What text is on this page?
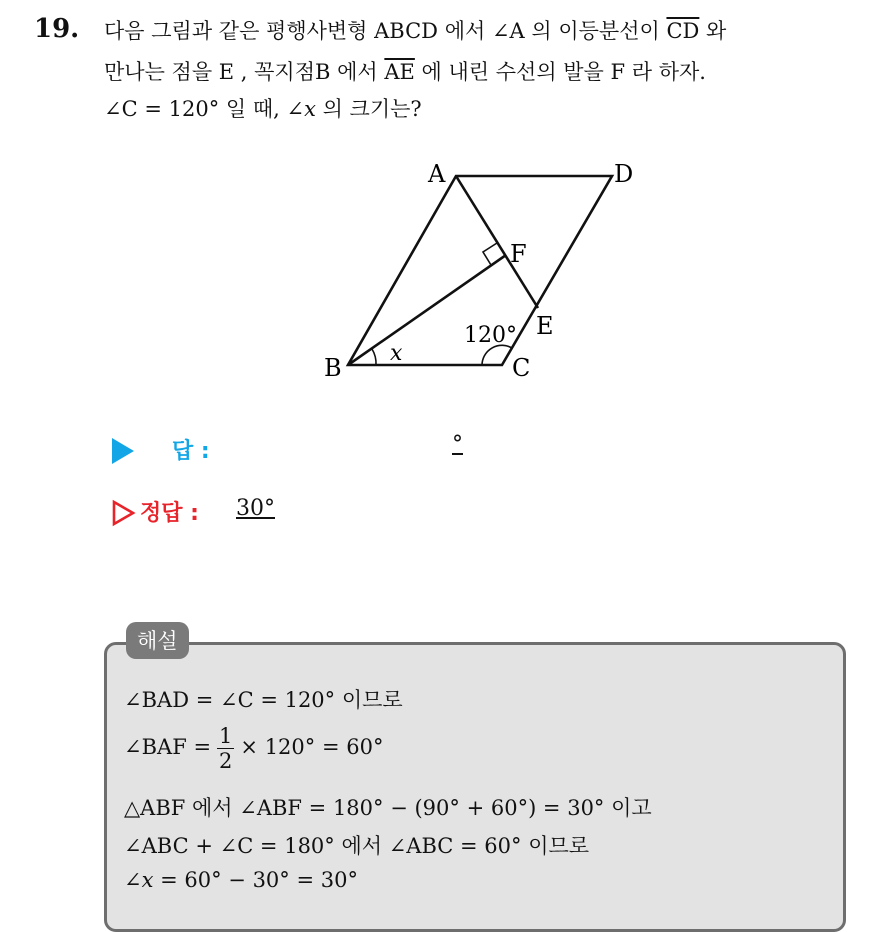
19. 다음 그림과 같은 평행사변형 ABCD 에서 ∠A 의 이등분선이 $\overline{CD}$ 와
만나는 점을 E , 꼭지점B 에서 $\overline{AE}$ 에 내린 수선의 발을 F 라 하자.
∠C = 120° 일 때, ∠x 의 크기는?
A	D
F
E
B	C
120°
x
답 :	°
정답 : 30°
해설
∠BAD = ∠C = 120° 이므로
∠BAF = $\frac{1}{2} \times 120^\circ = 60^\circ$
△ABF 에서 ∠ABF = 180° − (90° + 60°) = 30° 이고
∠ABC + ∠C = 180° 에서 ∠ABC = 60° 이므로
∠x = 60° − 30° = 30°
